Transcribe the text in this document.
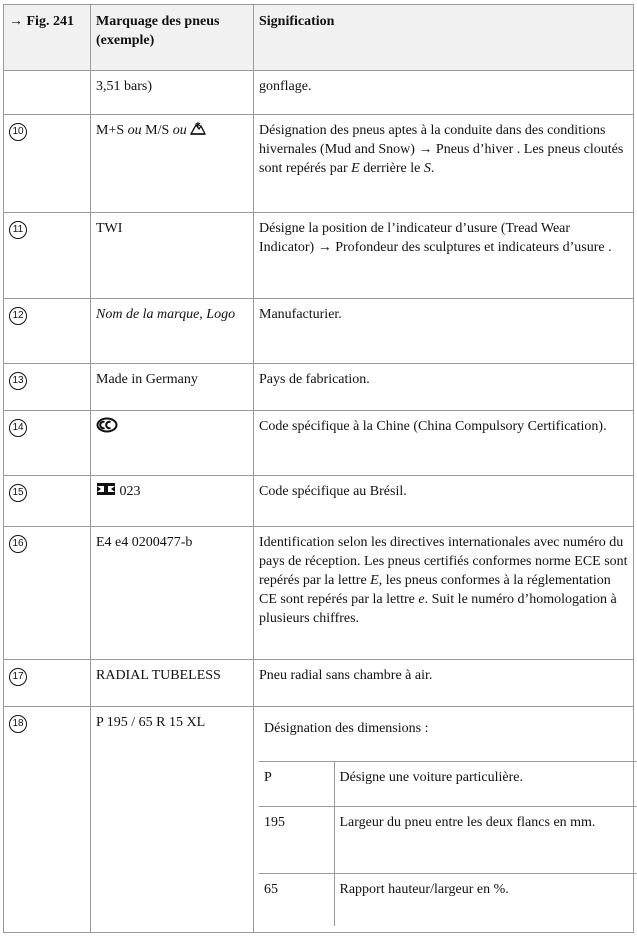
→ Fig. 241	Marquage des pneus (exemple)	Signification
	3,51 bars)	gonflage.
10	M+S ou M/S ou	Désignation des pneus aptes à la conduite dans des conditions hivernales (Mud and Snow) → Pneus d’hiver . Les pneus cloutés sont repérés par E derrière le S.
11	TWI	Désigne la position de l’indicateur d’usure (Tread Wear Indicator) → Profondeur des sculptures et indicateurs d’usure .
12	Nom de la marque, Logo	Manufacturier.
13	Made in Germany	Pays de fabrication.
14		Code spécifique à la Chine (China Compulsory Certification).
15	023	Code spécifique au Brésil.
16	E4 e4 0200477-b	Identification selon les directives internationales avec numéro du pays de réception. Les pneus certifiés conformes norme ECE sont repérés par la lettre E, les pneus conformes à la réglementation CE sont repérés par la lettre e. Suit le numéro d’homologation à plusieurs chiffres.
17	RADIAL TUBELESS	Pneu radial sans chambre à air.
18	P 195 / 65 R 15 XL		Désignation des dimensions :
P	Désigne une voiture particulière.
195	Largeur du pneu entre les deux flancs en mm.
65	Rapport hauteur/largeur en %.
